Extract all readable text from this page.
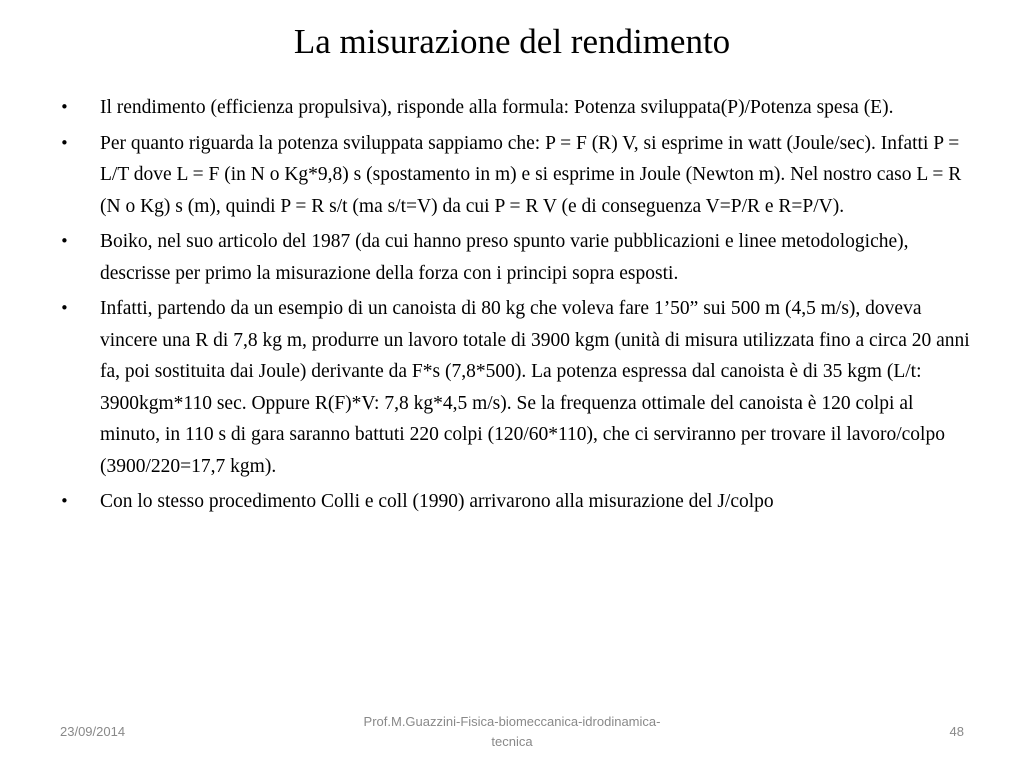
La misurazione del rendimento
•	Il rendimento (efficienza propulsiva), risponde alla formula: Potenza sviluppata(P)/Potenza spesa (E).
•	Per quanto riguarda la potenza sviluppata sappiamo che: P = F (R) V, si esprime in watt (Joule/sec). Infatti P = L/T dove L = F (in N o Kg*9,8) s (spostamento in m) e si esprime in Joule (Newton m). Nel nostro caso L = R (N o Kg) s (m), quindi P = R s/t (ma s/t=V) da cui P = R V (e di conseguenza V=P/R e R=P/V).
•	Boiko, nel suo articolo del 1987 (da cui hanno preso spunto varie pubblicazioni e linee metodologiche), descrisse per primo la misurazione della forza con i principi sopra esposti.
•	Infatti, partendo da un esempio di un canoista di 80 kg che voleva fare 1’50” sui 500 m (4,5 m/s), doveva vincere una R di 7,8 kg m, produrre un lavoro totale di 3900 kgm (unità di misura utilizzata fino a circa 20 anni fa, poi sostituita dai Joule) derivante da F*s (7,8*500). La potenza espressa dal canoista è di 35 kgm (L/t: 3900kgm*110 sec. Oppure R(F)*V: 7,8 kg*4,5 m/s). Se la frequenza ottimale del canoista è 120 colpi al minuto, in 110 s di gara saranno battuti 220 colpi (120/60*110), che ci serviranno per trovare il lavoro/colpo (3900/220=17,7 kgm).
•	Con lo stesso procedimento Colli e coll (1990) arrivarono alla misurazione del J/colpo
23/09/2014
Prof.M.Guazzini-Fisica-biomeccanica-idrodinamica-tecnica
48
